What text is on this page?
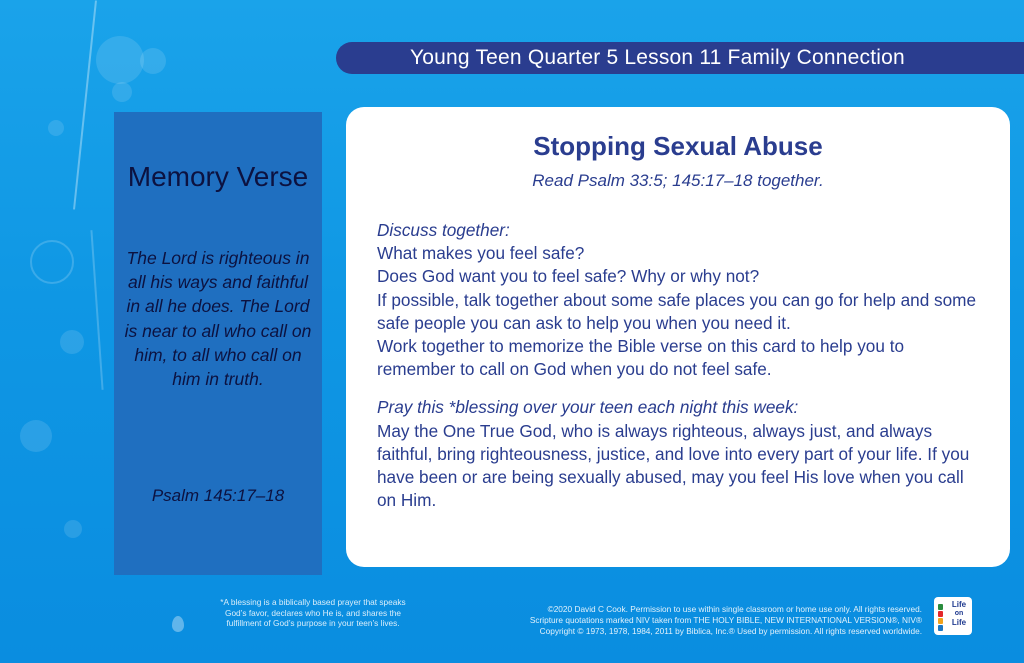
Young Teen Quarter 5 Lesson 11 Family Connection
Memory Verse
The Lord is righteous in all his ways and faithful in all he does. The Lord is near to all who call on him, to all who call on him in truth.
Psalm 145:17–18
Stopping Sexual Abuse
Read Psalm 33:5; 145:17–18 together.

Discuss together:

What makes you feel safe?

Does God want you to feel safe? Why or why not?

If possible, talk together about some safe places you can go for help and some safe people you can ask to help you when you need it.

Work together to memorize the Bible verse on this card to help you to remember to call on God when you do not feel safe.

Pray this *blessing over your teen each night this week:

May the One True God, who is always righteous, always just, and always faithful, bring righteousness, justice, and love into every part of your life. If you have been or are being sexually abused, may you feel His love when you call on Him.

*A blessing is a biblically based prayer that speaks
God’s favor, declares who He is, and shares the
fulfillment of God’s purpose in your teen’s lives.
©2020 David C Cook. Permission to use within single classroom or home use only. All rights reserved.
Scripture quotations marked NIV taken from THE HOLY BIBLE, NEW INTERNATIONAL VERSION®, NIV®
Copyright © 1973, 1978, 1984, 2011 by Biblica, Inc.® Used by permission. All rights reserved worldwide.
Life
on
Life
